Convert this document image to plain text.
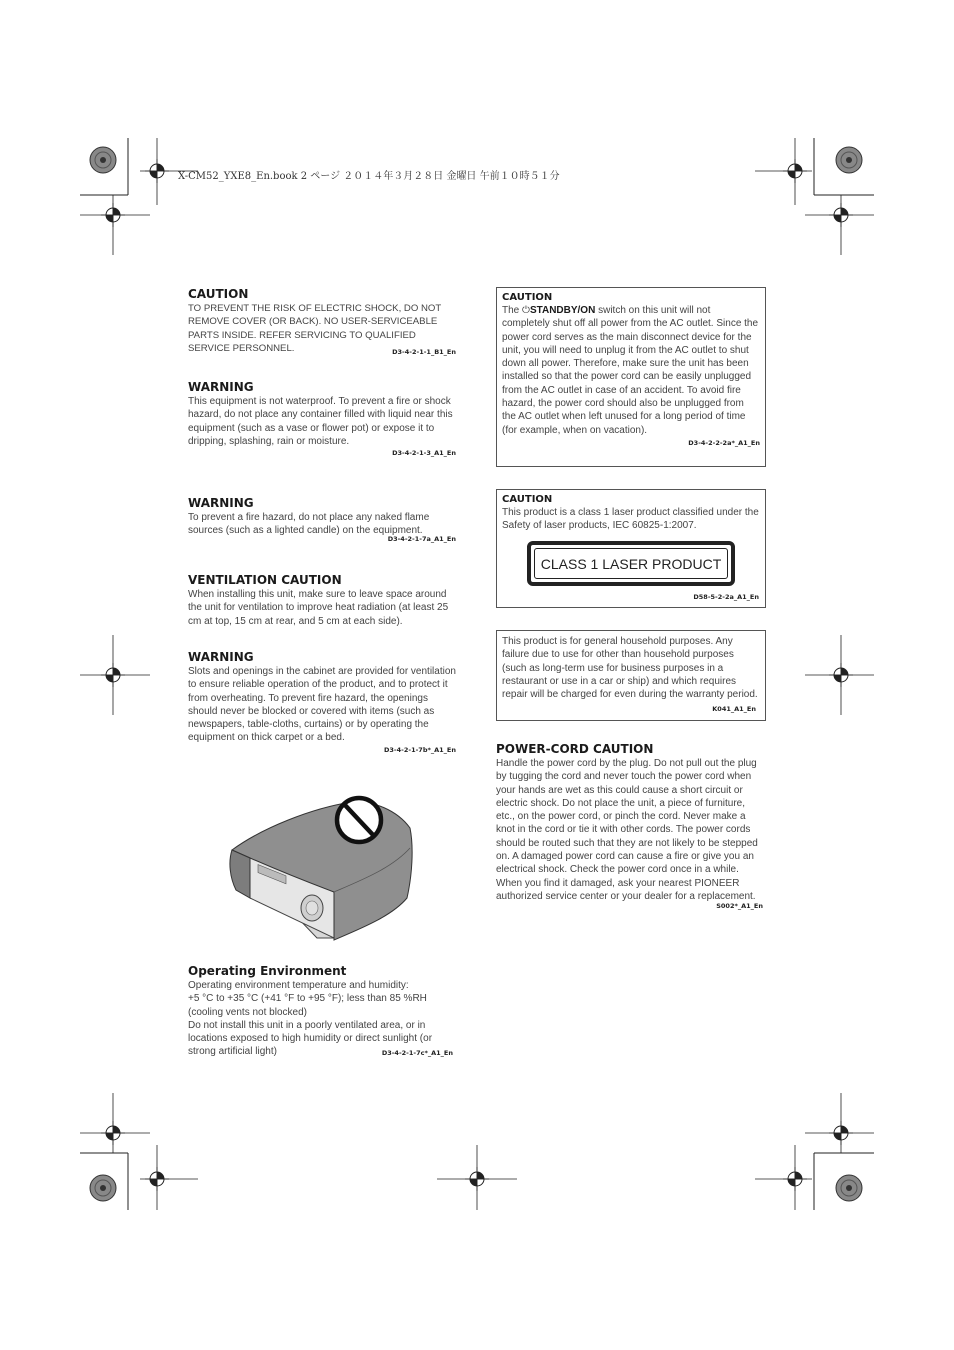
X-CM52_YXE8_En.book 2 ページ ２０１４年３月２８日 金曜日 午前１０時５１分
CAUTION

TO PREVENT THE RISK OF ELECTRIC SHOCK, DO NOT REMOVE COVER (OR BACK). NO USER-SERVICEABLE PARTS INSIDE. REFER SERVICING TO QUALIFIED SERVICE PERSONNEL.	D3-4-2-1-1_B1_En

WARNING

This equipment is not waterproof. To prevent a fire or shock hazard, do not place any container filled with liquid near this equipment (such as a vase or flower pot) or expose it to dripping, splashing, rain or moisture.

D3-4-2-1-3_A1_En

WARNING

To prevent a fire hazard, do not place any naked flame sources (such as a lighted candle) on the equipment.

D3-4-2-1-7a_A1_En

VENTILATION CAUTION

When installing this unit, make sure to leave space around the unit for ventilation to improve heat radiation (at least 25 cm at top, 15 cm at rear, and 5 cm at each side).

WARNING

Slots and openings in the cabinet are provided for ventilation to ensure reliable operation of the product, and to protect it from overheating. To prevent fire hazard, the openings should never be blocked or covered with items (such as newspapers, table-cloths, curtains) or by operating the equipment on thick carpet or a bed.

D3-4-2-1-7b*_A1_En

Operating Environment

Operating environment temperature and humidity:

+5 °C to +35 °C (+41 °F to +95 °F); less than 85 %RH (cooling vents not blocked)

Do not install this unit in a poorly ventilated area, or in locations exposed to high humidity or direct sunlight (or strong artificial light)	D3-4-2-1-7c*_A1_En

CAUTION

The ⏻STANDBY/ON switch on this unit will not completely shut off all power from the AC outlet. Since the power cord serves as the main disconnect device for the unit, you will need to unplug it from the AC outlet to shut down all power. Therefore, make sure the unit has been installed so that the power cord can be easily unplugged from the AC outlet in case of an accident. To avoid fire hazard, the power cord should also be unplugged from the AC outlet when left unused for a long period of time (for example, when on vacation).

D3-4-2-2-2a*_A1_En

CAUTION

This product is a class 1 laser product classified under the Safety of laser products, IEC 60825-1:2007.

CLASS 1 LASER PRODUCT

D58-5-2-2a_A1_En

This product is for general household purposes. Any failure due to use for other than household purposes (such as long-term use for business purposes in a restaurant or use in a car or ship) and which requires repair will be charged for even during the warranty period.

K041_A1_En

POWER-CORD CAUTION

Handle the power cord by the plug. Do not pull out the plug by tugging the cord and never touch the power cord when your hands are wet as this could cause a short circuit or electric shock. Do not place the unit, a piece of furniture, etc., on the power cord, or pinch the cord. Never make a knot in the cord or tie it with other cords. The power cords should be routed such that they are not likely to be stepped on. A damaged power cord can cause a fire or give you an electrical shock. Check the power cord once in a while. When you find it damaged, ask your nearest PIONEER authorized service center or your dealer for a replacement.

S002*_A1_En
